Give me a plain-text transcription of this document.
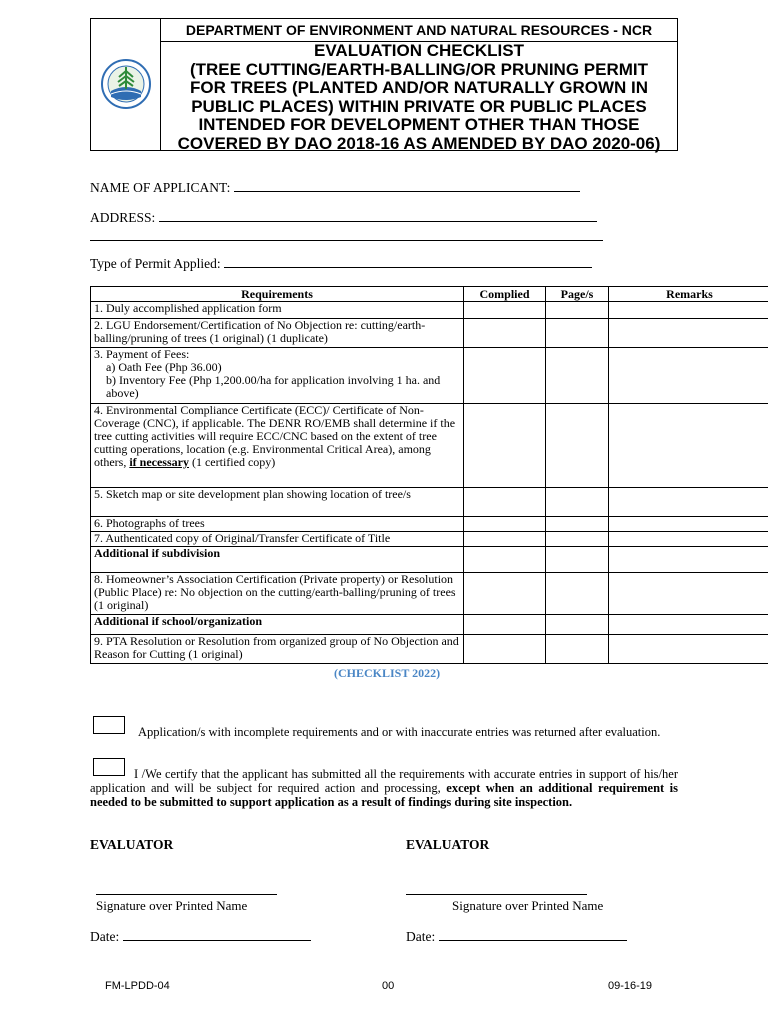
DEPARTMENT OF ENVIRONMENT AND NATURAL RESOURCES - NCR
EVALUATION CHECKLIST
(TREE CUTTING/EARTH-BALLING/OR PRUNING PERMIT
FOR TREES (PLANTED AND/OR NATURALLY GROWN IN
PUBLIC PLACES) WITHIN PRIVATE OR PUBLIC PLACES
INTENDED FOR DEVELOPMENT OTHER THAN THOSE
COVERED BY DAO 2018-16 AS AMENDED BY DAO 2020-06)
NAME OF APPLICANT:
ADDRESS:
Type of Permit Applied:
Requirements	Complied	Page/s	Remarks
1. Duly accomplished application form			
2. LGU Endorsement/Certification of No Objection re: cutting/earth-balling/pruning of trees (1 original) (1 duplicate)			
3. Payment of Fees:
a) Oath Fee (Php 36.00)
b) Inventory Fee (Php 1,200.00/ha for application involving 1 ha. and above)			

4. Environmental Compliance Certificate (ECC)/ Certificate of Non-Coverage (CNC), if applicable. The DENR RO/EMB shall determine if the tree cutting activities will require ECC/CNC based on the extent of tree cutting operations, location (e.g. Environmental Critical Area), among others, if necessary (1 certified copy)			
5. Sketch map or site development plan showing location of tree/s			
6. Photographs of trees			
7. Authenticated copy of Original/Transfer Certificate of Title			
Additional if subdivision			
8. Homeowner’s Association Certification (Private property) or Resolution (Public Place) re: No objection on the cutting/earth-balling/pruning of trees (1 original)			
Additional if school/organization			
9. PTA Resolution or Resolution from organized group of No Objection and Reason for Cutting (1 original)			
(CHECKLIST 2022)
Application/s with incomplete requirements and or with inaccurate entries was returned after evaluation.
I /We certify that the applicant has submitted all the requirements with accurate entries in support of his/her application and will be subject for required action and processing, except when an additional requirement is needed to be submitted to support application as a result of findings during site inspection.
EVALUATOR	EVALUATOR
Signature over Printed Name	Signature over Printed Name
Date:	Date:
FM-LPDD-04	00	09-16-19
